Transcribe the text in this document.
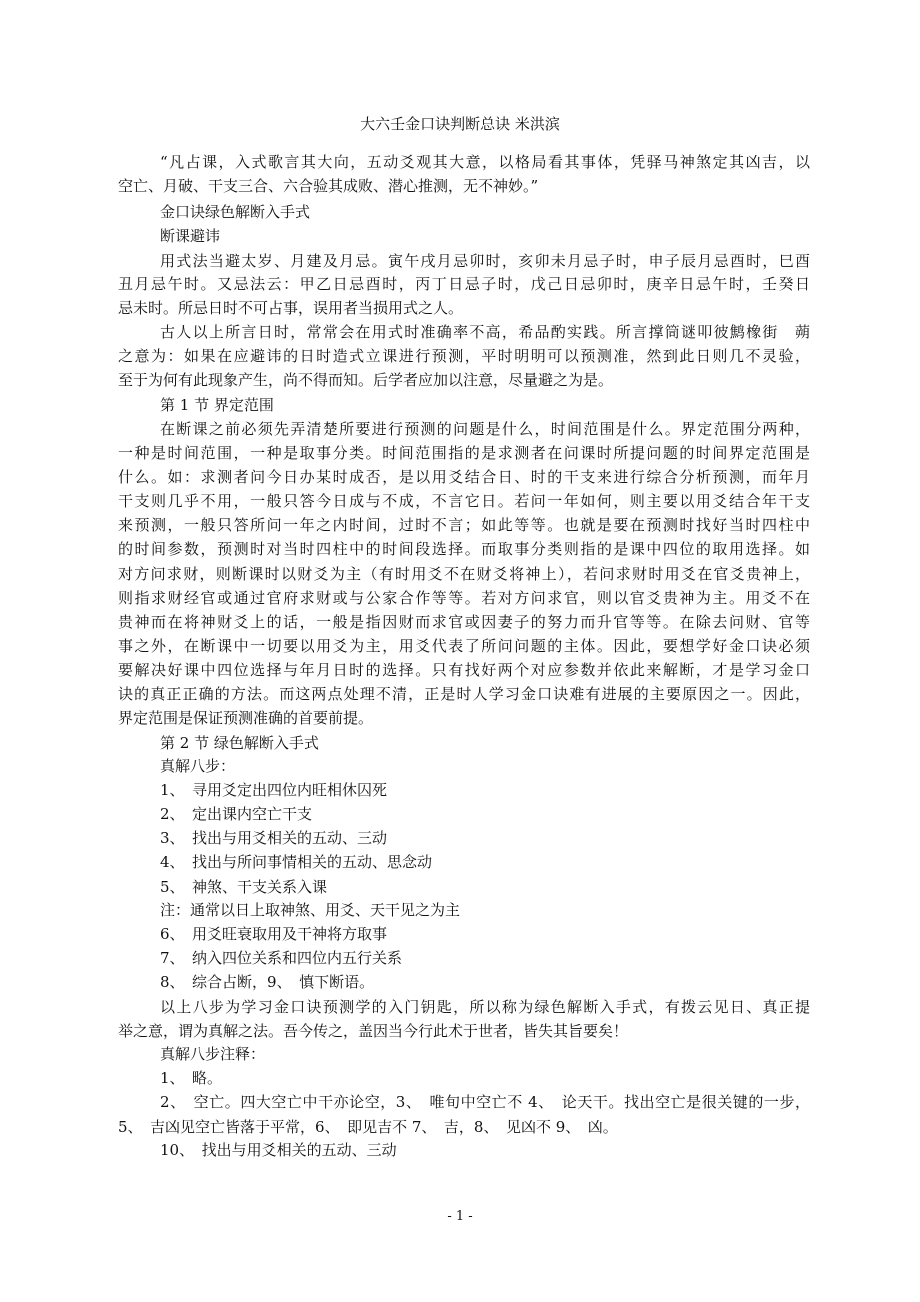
大六壬金口诀判断总诀 米洪滨
“凡占课，入式歌言其大向，五动爻观其大意，以格局看其事体，凭驿马神煞定其凶吉，以
空亡、月破、干支三合、六合验其成败、潜心推测，无不神妙。”
金口诀绿色解断入手式
断课避讳
用式法当避太岁、月建及月忌。寅午戌月忌卯时，亥卯未月忌子时，申子辰月忌酉时，巳酉
丑月忌午时。又忌法云：甲乙日忌酉时，丙丁日忌子时，戊己日忌卯时，庚辛日忌午时，壬癸日
忌未时。所忌日时不可占事，误用者当损用式之人。
古人以上所言日时，常常会在用式时准确率不高，希品酌实践。所言撑筒谜叩彼鹪橡街　蒴
之意为：如果在应避讳的日时造式立课进行预测，平时明明可以预测准，然到此日则几不灵验，
至于为何有此现象产生，尚不得而知。后学者应加以注意，尽量避之为是。
第 1 节 界定范围
在断课之前必须先弄清楚所要进行预测的问题是什么，时间范围是什么。界定范围分两种，
一种是时间范围，一种是取事分类。时间范围指的是求测者在问课时所提问题的时间界定范围是
什么。如：求测者问今日办某时成否，是以用爻结合日、时的干支来进行综合分析预测，而年月
干支则几乎不用，一般只答今日成与不成，不言它日。若问一年如何，则主要以用爻结合年干支
来预测，一般只答所问一年之内时间，过时不言；如此等等。也就是要在预测时找好当时四柱中
的时间参数，预测时对当时四柱中的时间段选择。而取事分类则指的是课中四位的取用选择。如
对方问求财，则断课时以财爻为主（有时用爻不在财爻将神上），若问求财时用爻在官爻贵神上，
则指求财经官或通过官府求财或与公家合作等等。若对方问求官，则以官爻贵神为主。用爻不在
贵神而在将神财爻上的话，一般是指因财而求官或因妻子的努力而升官等等。在除去问财、官等
事之外，在断课中一切要以用爻为主，用爻代表了所问问题的主体。因此，要想学好金口诀必须
要解决好课中四位选择与年月日时的选择。只有找好两个对应参数并依此来解断，才是学习金口
诀的真正正确的方法。而这两点处理不清，正是时人学习金口诀难有进展的主要原因之一。因此，
界定范围是保证预测准确的首要前提。
第 2 节 绿色解断入手式
真解八步：
1、　寻用爻定出四位内旺相休囚死
2、　定出课内空亡干支
3、　找出与用爻相关的五动、三动
4、　找出与所问事情相关的五动、思念动
5、　神煞、干支关系入课
注：通常以日上取神煞、用爻、天干见之为主
6、　用爻旺衰取用及干神将方取事
7、　纳入四位关系和四位内五行关系
8、　综合占断，9、　慎下断语。
以上八步为学习金口诀预测学的入门钥匙，所以称为绿色解断入手式，有拨云见日、真正提
举之意，谓为真解之法。吾今传之，盖因当今行此术于世者，皆失其旨要矣！
真解八步注释：
1、　略。
2、　空亡。四大空亡中干亦论空，3、　唯旬中空亡不 4、　论天干。找出空亡是很关键的一步，
5、　吉凶见空亡皆落于平常，6、　即见吉不 7、　吉，8、　见凶不 9、　凶。
10、　找出与用爻相关的五动、三动
- 1 -
